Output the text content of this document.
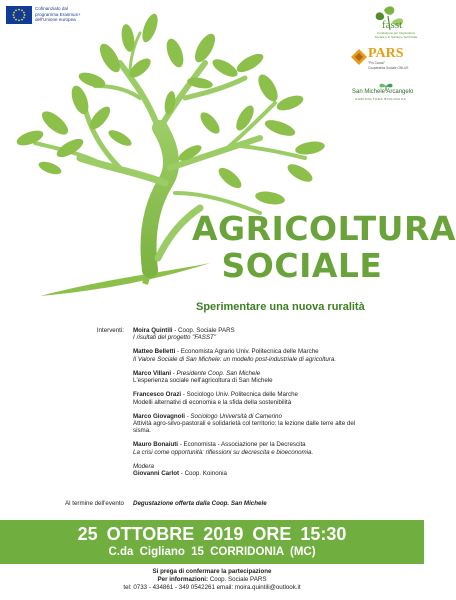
Cofinanziato dal
programma Erasmus+
dell'Unione europea	fasst
Fondazione per l'Agricoltura Sociale e lo Sviluppo Territoriale
PARS
"Pio Carosi"
Cooperativa Sociale ONLUS
San Michele Arcangelo
AGRICOLTURA BIOLOGICA
AGRICOLTURA
SOCIALE
Sperimentare una nuova ruralità
Interventi:
Al termine dell'evento
Moira Quintili - Coop. Sociale PARS
I risultati del progetto "FASST"
Matteo Belletti - Economista Agrario Univ. Politecnica delle Marche
Il Valore Sociale di San Michele: un modello post-industriale di agricoltura.
Marco Villani - Presidente Coop. San Michele
L'esperienza sociale nell'agricoltura di San Michele
Francesco Orazi - Sociologo Univ. Politecnica delle Marche
Modelli alternativi di economia e la sfida della sostenibilità
Marco Giovagnoli - Sociologo Università di Camerino
Attività agro-silvo-pastorali e solidarietà col territorio: la lezione dalle terre alte del sisma.
Mauro Bonaiuti - Economista - Associazione per la Decrescita
La crisi come opportunità: riflessioni su decrescita e bioeconomia.
Modera
Giovanni Carlot - Coop. Koinonia
Degustazione offerta dalla Coop. San Michele
25 OTTOBRE 2019 ORE 15:30
C.da Cigliano 15 CORRIDONIA (MC)
Si prega di confermare la partecipazione
Per informazioni: Coop. Sociale PARS
tel: 0733 - 434861 - 349 0542261 email: moira.quintili@outlook.it
